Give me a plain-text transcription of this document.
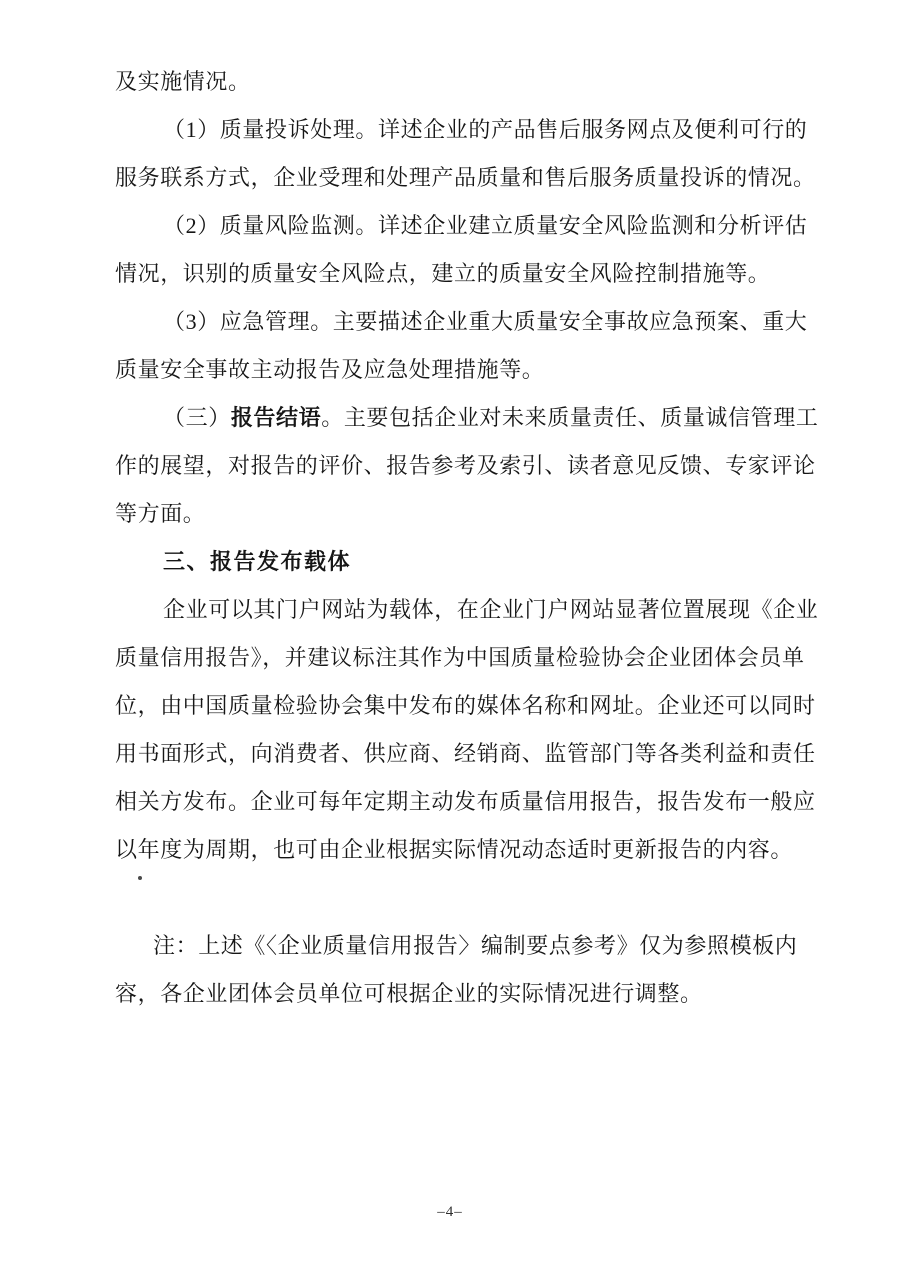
及实施情况。
（1）质量投诉处理。详述企业的产品售后服务网点及便利可行的
服务联系方式，企业受理和处理产品质量和售后服务质量投诉的情况。
（2）质量风险监测。详述企业建立质量安全风险监测和分析评估
情况，识别的质量安全风险点，建立的质量安全风险控制措施等。
（3）应急管理。主要描述企业重大质量安全事故应急预案、重大
质量安全事故主动报告及应急处理措施等。
（三）报告结语。主要包括企业对未来质量责任、质量诚信管理工
作的展望，对报告的评价、报告参考及索引、读者意见反馈、专家评论
等方面。
三、报告发布载体
企业可以其门户网站为载体，在企业门户网站显著位置展现《企业
质量信用报告》，并建议标注其作为中国质量检验协会企业团体会员单
位，由中国质量检验协会集中发布的媒体名称和网址。企业还可以同时
用书面形式，向消费者、供应商、经销商、监管部门等各类利益和责任
相关方发布。企业可每年定期主动发布质量信用报告，报告发布一般应
以年度为周期，也可由企业根据实际情况动态适时更新报告的内容。
注：上述《〈企业质量信用报告〉编制要点参考》仅为参照模板内
容，各企业团体会员单位可根据企业的实际情况进行调整。
–4–
